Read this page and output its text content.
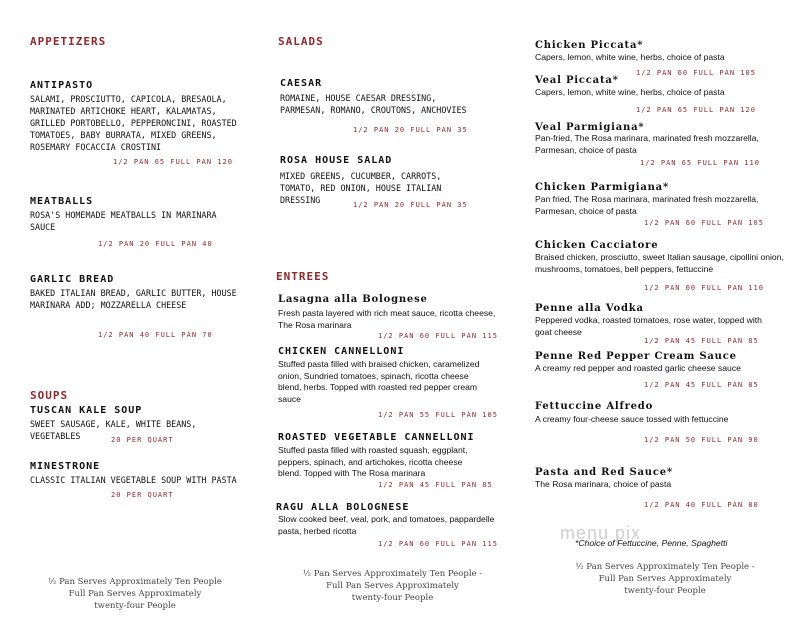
APPETIZERS
ANTIPASTO
SALAMI, PROSCIUTTO, CAPICOLA, BRESAOLA, MARINATED ARTICHOKE HEART, KALAMATAS, GRILLED PORTOBELLO, PEPPERONCINI, ROASTED TOMATOES, BABY BURRATA, MIXED GREENS, ROSEMARY FOCACCIA CROSTINI
1/2 PAN 65 FULL PAN 120
MEATBALLS
ROSA'S HOMEMADE MEATBALLS IN MARINARA SAUCE
1/2 PAN 20 FULL PAN 40
GARLIC BREAD
BAKED ITALIAN BREAD, GARLIC BUTTER, HOUSE MARINARA ADD; MOZZARELLA CHEESE
1/2 PAN 40 FULL PAN 70
SOUPS
TUSCAN KALE SOUP
SWEET SAUSAGE, KALE, WHITE BEANS, VEGETABLES	20 PER QUART
MINESTRONE
CLASSIC ITALIAN VEGETABLE SOUP WITH PASTA
20 PER QUART
½ Pan Serves Approximately Ten People
Full Pan Serves Approximately
twenty-four People
SALADS
CAESAR
ROMAINE, HOUSE CAESAR DRESSING, PARMESAN, ROMANO, CROUTONS, ANCHOVIES
1/2 PAN 20 FULL PAN 35
ROSA HOUSE SALAD
MIXED GREENS, CUCUMBER, CARROTS, TOMATO, RED ONION, HOUSE ITALIAN DRESSING	1/2 PAN 20 FULL PAN 35
ENTREES
Lasagna alla Bolognese
Fresh pasta layered with rich meat sauce, ricotta cheese, The Rosa marinara
1/2 PAN 60 FULL PAN 115
CHICKEN CANNELLONI
Stuffed pasta filled with braised chicken, caramelized onion, Sundried tomatoes, spinach, ricotta cheese blend, herbs. Topped with roasted red pepper cream sauce
1/2 PAN 55 FULL PAN 105
ROASTED VEGETABLE CANNELLONI
Stuffed pasta filled with roasted squash, eggplant, peppers, spinach, and artichokes, ricotta cheese blend. Topped with The Rosa marinara
1/2 PAN 45 FULL PAN 85
RAGU ALLA BOLOGNESE
Slow cooked beef, veal, pork, and tomatoes, pappardelle pasta, herbed ricotta
1/2 PAN 60 FULL PAN 115
½ Pan Serves Approximately Ten People -
Full Pan Serves Approximately
twenty-four People
Chicken Piccata*
Capers, lemon, white wine, herbs, choice of pasta
1/2 PAN 60 FULL PAN 105
Veal Piccata*
Capers, lemon, white wine, herbs, choice of pasta
1/2 PAN 65 FULL PAN 120
Veal Parmigiana*
Pan-fried, The Rosa marinara, marinated fresh mozzarella, Parmesan, choice of pasta
1/2 PAN 65 FULL PAN 110
Chicken Parmigiana*
Pan fried, The Rosa marinara, marinated fresh mozzarella, Parmesan, choice of pasta
1/2 PAN 60 FULL PAN 105
Chicken Cacciatore
Braised chicken, prosciutto, sweet Italian sausage, cipollini onion, mushrooms, tomatoes, bell peppers, fettuccine
1/2 PAN 60 FULL PAN 110
Penne alla Vodka
Peppered vodka, roasted tomatoes, rose water, topped with goat cheese
1/2 PAN 45 FULL PAN 85
Penne Red Pepper Cream Sauce
A creamy red pepper and roasted garlic cheese sauce
1/2 PAN 45 FULL PAN 85
Fettuccine Alfredo
A creamy four-cheese sauce tossed with fettuccine
1/2 PAN 50 FULL PAN 90
Pasta and Red Sauce*
The Rosa marinara, choice of pasta
1/2 PAN 40 FULL PAN 80
menu pix
*Choice of Fettuccine, Penne, Spaghetti
½ Pan Serves Approximately Ten People -
Full Pan Serves Approximately
twenty-four People
